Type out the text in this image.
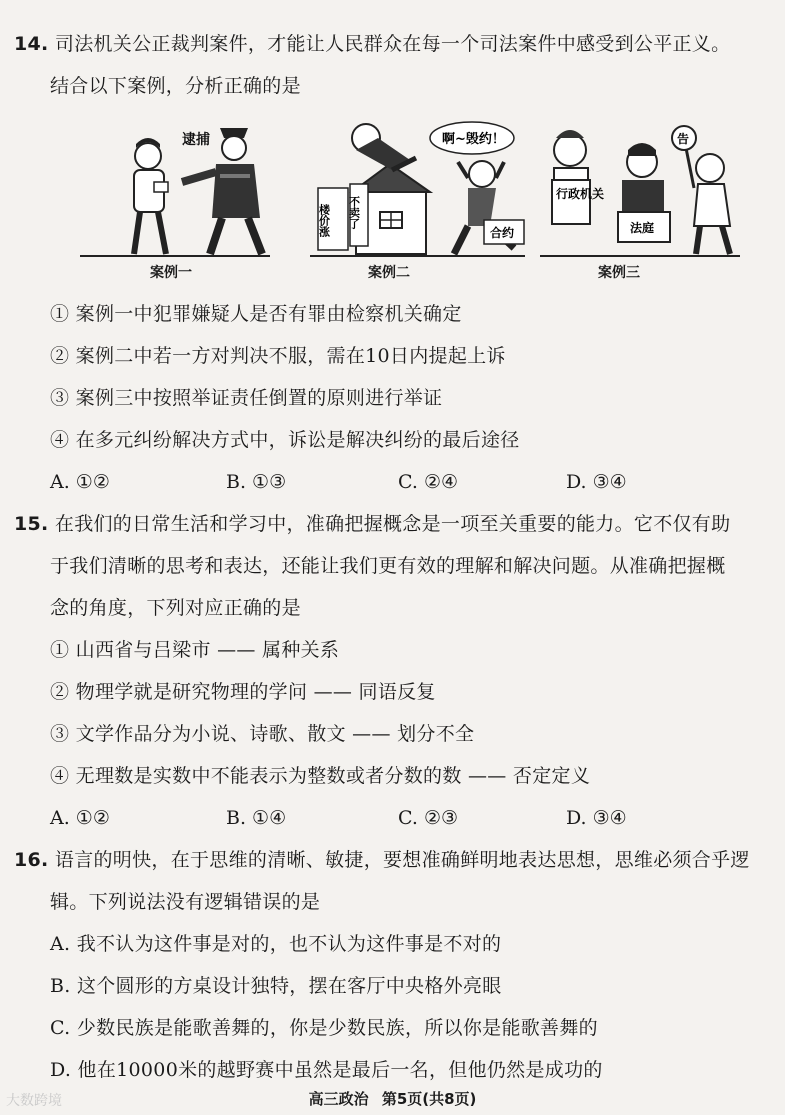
14. 司法机关公正裁判案件，才能让人民群众在每一个司法案件中感受到公平正义。
结合以下案例，分析正确的是
逮捕
楼价涨 不卖了
啊~毁约！
合约
行政机关
法庭
告
案例一	案例二	案例三
① 案例一中犯罪嫌疑人是否有罪由检察机关确定
② 案例二中若一方对判决不服，需在10日内提起上诉
③ 案例三中按照举证责任倒置的原则进行举证
④ 在多元纠纷解决方式中，诉讼是解决纠纷的最后途径
A. ①②	B. ①③	C. ②④	D. ③④
15. 在我们的日常生活和学习中，准确把握概念是一项至关重要的能力。它不仅有助
于我们清晰的思考和表达，还能让我们更有效的理解和解决问题。从准确把握概
念的角度，下列对应正确的是
① 山西省与吕梁市 —— 属种关系
② 物理学就是研究物理的学问 —— 同语反复
③ 文学作品分为小说、诗歌、散文 —— 划分不全
④ 无理数是实数中不能表示为整数或者分数的数 —— 否定定义
A. ①②	B. ①④	C. ②③	D. ③④
16. 语言的明快，在于思维的清晰、敏捷，要想准确鲜明地表达思想，思维必须合乎逻
辑。下列说法没有逻辑错误的是
A. 我不认为这件事是对的，也不认为这件事是不对的
B. 这个圆形的方桌设计独特，摆在客厅中央格外亮眼
C. 少数民族是能歌善舞的，你是少数民族，所以你是能歌善舞的
D. 他在10000米的越野赛中虽然是最后一名，但他仍然是成功的
高三政治 第5页(共8页)
大数跨境
